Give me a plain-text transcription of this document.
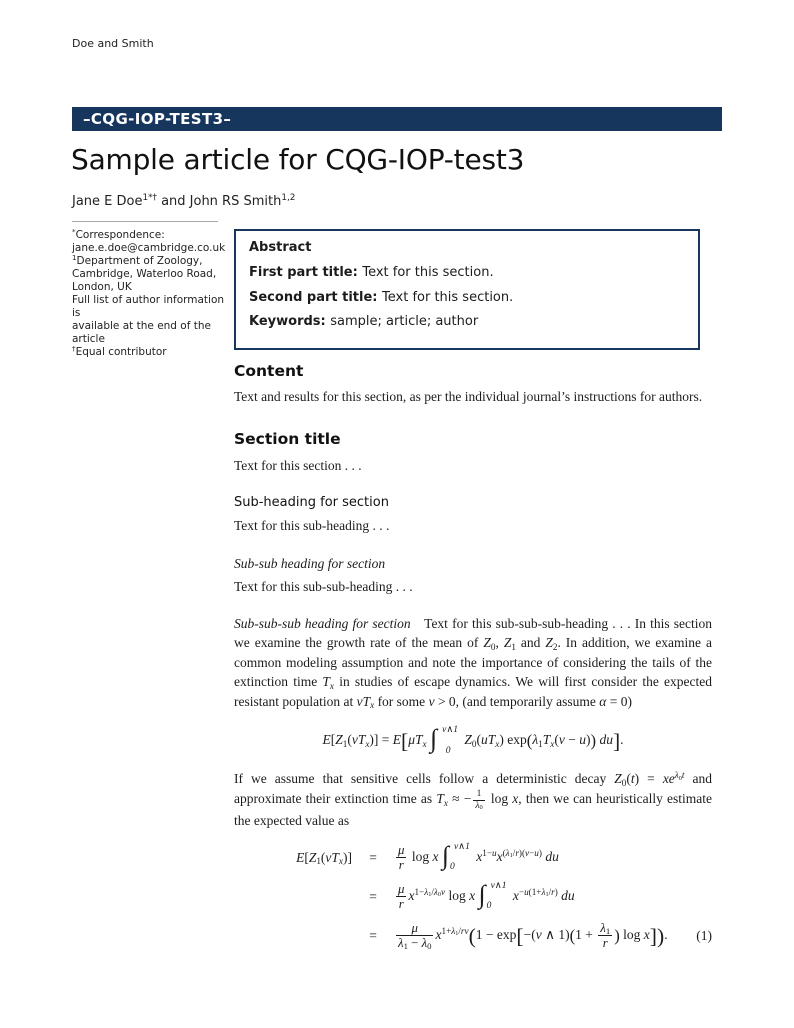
Doe and Smith
–CQG-IOP-TEST3–
Sample article for CQG-IOP-test3
Jane E Doe$^{1*\dagger}$ and John RS Smith$^{1,2}$
*Correspondence:
jane.e.doe@cambridge.co.uk
$^1$Department of Zoology,
Cambridge, Waterloo Road,
London, UK
Full list of author information is
available at the end of the article
†Equal contributor
Abstract
First part title: Text for this section.
Second part title: Text for this section.
Keywords: sample; article; author
Content

Text and results for this section, as per the individual journal’s instructions for authors.

Section title

Text for this section . . .

Sub-heading for section

Text for this sub-heading . . .

Sub-sub heading for section

Text for this sub-sub-heading . . .

Sub-sub-sub heading for section Text for this sub-sub-sub-heading . . . In this section we examine the growth rate of the mean of Z0, Z1 and Z2. In addition, we examine a common modeling assumption and note the importance of considering the tails of the extinction time Tx in studies of escape dynamics. We will first consider the expected resistant population at vTx for some v > 0, (and temporarily assume α = 0)

E[Z1(vTx)] = E[μTx ∫ v∧1
0
Z0(uTx) exp(λ1Tx(v − u)) du].

If we assume that sensitive cells follow a deterministic decay $Z0(t) = xe^{\lambda 0t}$ and approximate their extinction time as Tx ≈ − $\frac{1}{\lambda 0}$ log x, then we can heuristically estimate the expected value as

E[Z1(vTx)]	=	$\frac{\mu}{r}$ log x ∫ v∧1
0
$x^{1-u}x^{(\lambda 1/r)(v-u)}$ du
=	$\frac{\mu}{r} x^{1-\lambda 1/\lambda 0v}$ log x ∫ v∧1
0
$x^{-u(1+\lambda 1/r)}$ du
=	$\frac{\mu}{\lambda 1 - \lambda 0} x^{1+\lambda 1/rv}(1 - \exp[-(v$ ∧ $1)(1 + \frac{\lambda 1}{r}$ ) log x]). (1)
